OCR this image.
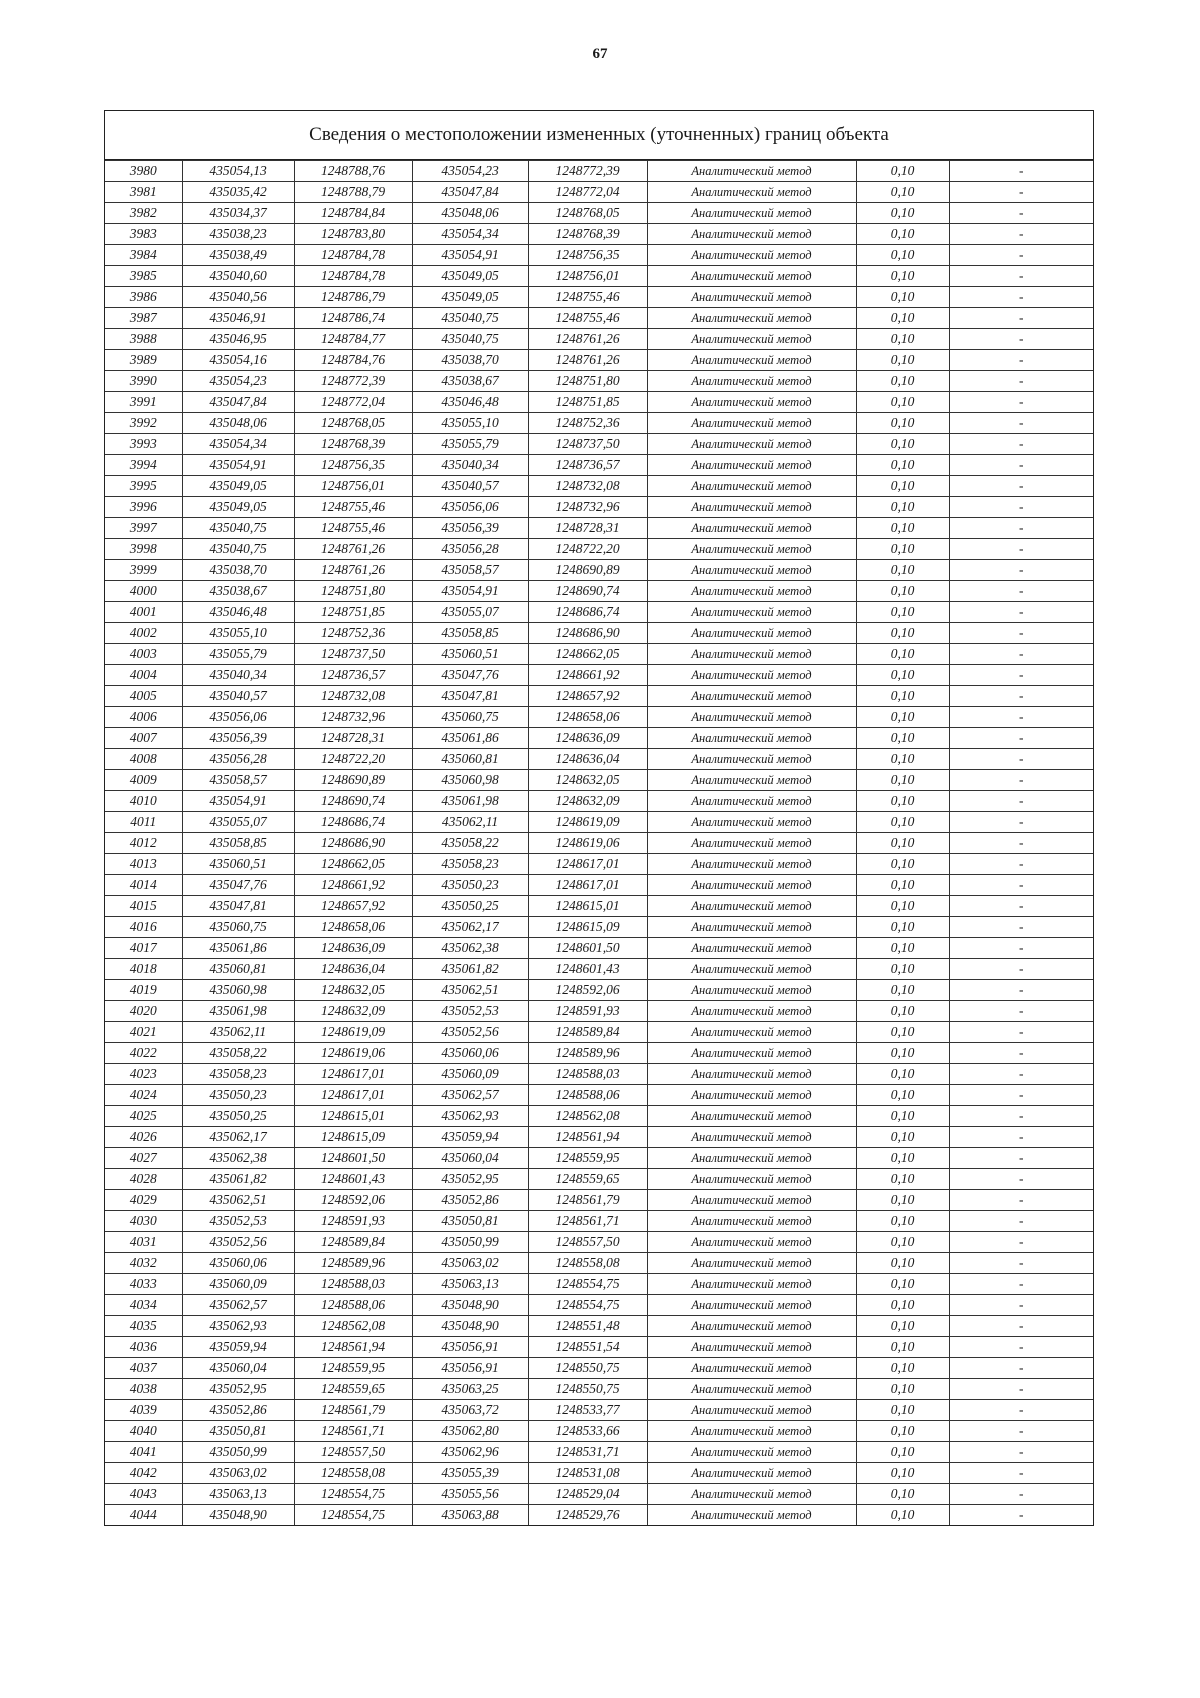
67
Сведения о местоположении измененных (уточненных) границ объекта
3980	435054,13	1248788,76	435054,23	1248772,39	Аналитический метод	0,10	-
3981	435035,42	1248788,79	435047,84	1248772,04	Аналитический метод	0,10	-
3982	435034,37	1248784,84	435048,06	1248768,05	Аналитический метод	0,10	-
3983	435038,23	1248783,80	435054,34	1248768,39	Аналитический метод	0,10	-
3984	435038,49	1248784,78	435054,91	1248756,35	Аналитический метод	0,10	-
3985	435040,60	1248784,78	435049,05	1248756,01	Аналитический метод	0,10	-
3986	435040,56	1248786,79	435049,05	1248755,46	Аналитический метод	0,10	-
3987	435046,91	1248786,74	435040,75	1248755,46	Аналитический метод	0,10	-
3988	435046,95	1248784,77	435040,75	1248761,26	Аналитический метод	0,10	-
3989	435054,16	1248784,76	435038,70	1248761,26	Аналитический метод	0,10	-
3990	435054,23	1248772,39	435038,67	1248751,80	Аналитический метод	0,10	-
3991	435047,84	1248772,04	435046,48	1248751,85	Аналитический метод	0,10	-
3992	435048,06	1248768,05	435055,10	1248752,36	Аналитический метод	0,10	-
3993	435054,34	1248768,39	435055,79	1248737,50	Аналитический метод	0,10	-
3994	435054,91	1248756,35	435040,34	1248736,57	Аналитический метод	0,10	-
3995	435049,05	1248756,01	435040,57	1248732,08	Аналитический метод	0,10	-
3996	435049,05	1248755,46	435056,06	1248732,96	Аналитический метод	0,10	-
3997	435040,75	1248755,46	435056,39	1248728,31	Аналитический метод	0,10	-
3998	435040,75	1248761,26	435056,28	1248722,20	Аналитический метод	0,10	-
3999	435038,70	1248761,26	435058,57	1248690,89	Аналитический метод	0,10	-
4000	435038,67	1248751,80	435054,91	1248690,74	Аналитический метод	0,10	-
4001	435046,48	1248751,85	435055,07	1248686,74	Аналитический метод	0,10	-
4002	435055,10	1248752,36	435058,85	1248686,90	Аналитический метод	0,10	-
4003	435055,79	1248737,50	435060,51	1248662,05	Аналитический метод	0,10	-
4004	435040,34	1248736,57	435047,76	1248661,92	Аналитический метод	0,10	-
4005	435040,57	1248732,08	435047,81	1248657,92	Аналитический метод	0,10	-
4006	435056,06	1248732,96	435060,75	1248658,06	Аналитический метод	0,10	-
4007	435056,39	1248728,31	435061,86	1248636,09	Аналитический метод	0,10	-
4008	435056,28	1248722,20	435060,81	1248636,04	Аналитический метод	0,10	-
4009	435058,57	1248690,89	435060,98	1248632,05	Аналитический метод	0,10	-
4010	435054,91	1248690,74	435061,98	1248632,09	Аналитический метод	0,10	-
4011	435055,07	1248686,74	435062,11	1248619,09	Аналитический метод	0,10	-
4012	435058,85	1248686,90	435058,22	1248619,06	Аналитический метод	0,10	-
4013	435060,51	1248662,05	435058,23	1248617,01	Аналитический метод	0,10	-
4014	435047,76	1248661,92	435050,23	1248617,01	Аналитический метод	0,10	-
4015	435047,81	1248657,92	435050,25	1248615,01	Аналитический метод	0,10	-
4016	435060,75	1248658,06	435062,17	1248615,09	Аналитический метод	0,10	-
4017	435061,86	1248636,09	435062,38	1248601,50	Аналитический метод	0,10	-
4018	435060,81	1248636,04	435061,82	1248601,43	Аналитический метод	0,10	-
4019	435060,98	1248632,05	435062,51	1248592,06	Аналитический метод	0,10	-
4020	435061,98	1248632,09	435052,53	1248591,93	Аналитический метод	0,10	-
4021	435062,11	1248619,09	435052,56	1248589,84	Аналитический метод	0,10	-
4022	435058,22	1248619,06	435060,06	1248589,96	Аналитический метод	0,10	-
4023	435058,23	1248617,01	435060,09	1248588,03	Аналитический метод	0,10	-
4024	435050,23	1248617,01	435062,57	1248588,06	Аналитический метод	0,10	-
4025	435050,25	1248615,01	435062,93	1248562,08	Аналитический метод	0,10	-
4026	435062,17	1248615,09	435059,94	1248561,94	Аналитический метод	0,10	-
4027	435062,38	1248601,50	435060,04	1248559,95	Аналитический метод	0,10	-
4028	435061,82	1248601,43	435052,95	1248559,65	Аналитический метод	0,10	-
4029	435062,51	1248592,06	435052,86	1248561,79	Аналитический метод	0,10	-
4030	435052,53	1248591,93	435050,81	1248561,71	Аналитический метод	0,10	-
4031	435052,56	1248589,84	435050,99	1248557,50	Аналитический метод	0,10	-
4032	435060,06	1248589,96	435063,02	1248558,08	Аналитический метод	0,10	-
4033	435060,09	1248588,03	435063,13	1248554,75	Аналитический метод	0,10	-
4034	435062,57	1248588,06	435048,90	1248554,75	Аналитический метод	0,10	-
4035	435062,93	1248562,08	435048,90	1248551,48	Аналитический метод	0,10	-
4036	435059,94	1248561,94	435056,91	1248551,54	Аналитический метод	0,10	-
4037	435060,04	1248559,95	435056,91	1248550,75	Аналитический метод	0,10	-
4038	435052,95	1248559,65	435063,25	1248550,75	Аналитический метод	0,10	-
4039	435052,86	1248561,79	435063,72	1248533,77	Аналитический метод	0,10	-
4040	435050,81	1248561,71	435062,80	1248533,66	Аналитический метод	0,10	-
4041	435050,99	1248557,50	435062,96	1248531,71	Аналитический метод	0,10	-
4042	435063,02	1248558,08	435055,39	1248531,08	Аналитический метод	0,10	-
4043	435063,13	1248554,75	435055,56	1248529,04	Аналитический метод	0,10	-
4044	435048,90	1248554,75	435063,88	1248529,76	Аналитический метод	0,10	-
